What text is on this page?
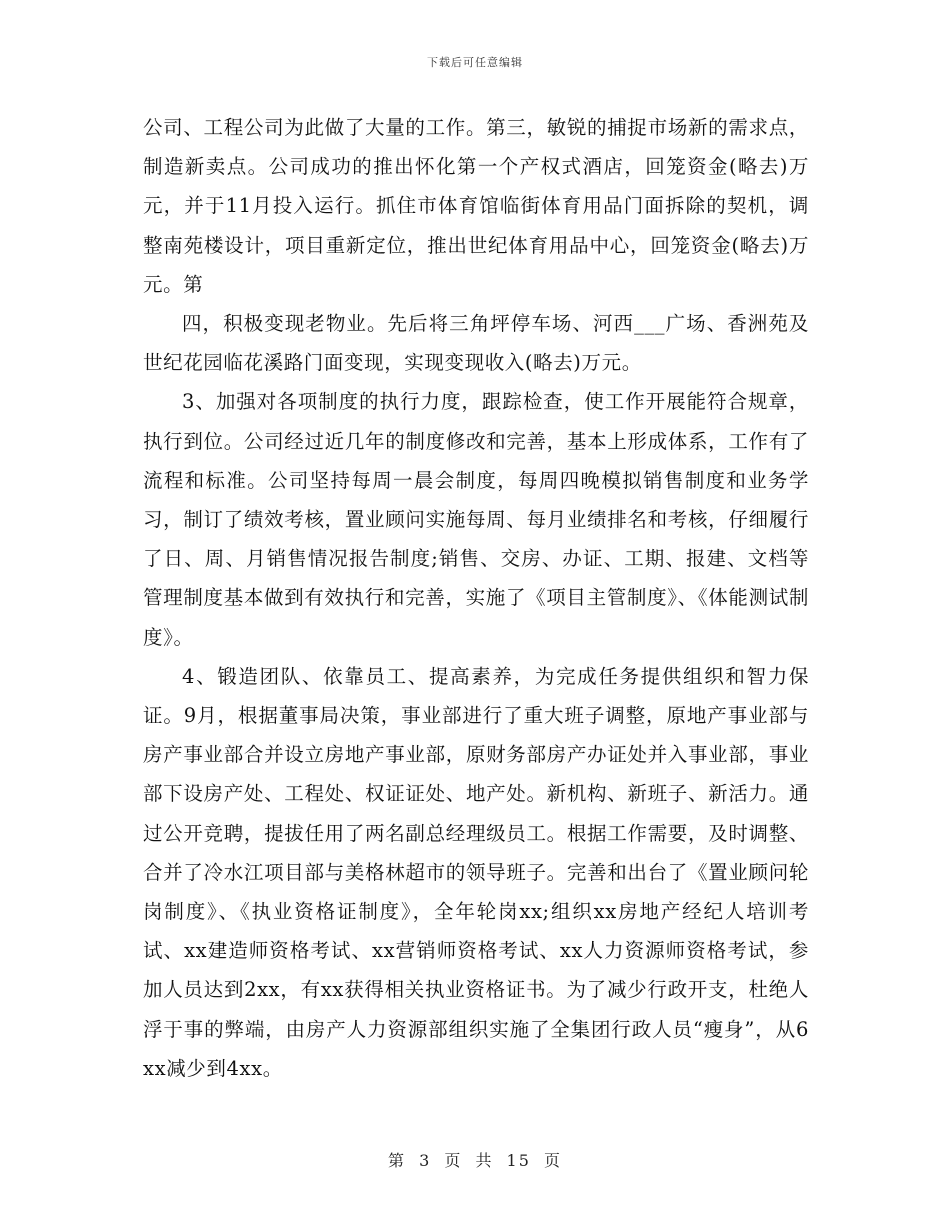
下载后可任意编辑

公司、工程公司为此做了大量的工作。第三，敏锐的捕捉市场新的需求点，制造新卖点。公司成功的推出怀化第一个产权式酒店，回笼资金(略去)万元，并于11月投入运行。抓住市体育馆临街体育用品门面拆除的契机，调整南苑楼设计，项目重新定位，推出世纪体育用品中心，回笼资金(略去)万元。第

四，积极变现老物业。先后将三角坪停车场、河西___广场、香洲苑及世纪花园临花溪路门面变现，实现变现收入(略去)万元。

3、加强对各项制度的执行力度，跟踪检查，使工作开展能符合规章，执行到位。公司经过近几年的制度修改和完善，基本上形成体系，工作有了流程和标准。公司坚持每周一晨会制度，每周四晚模拟销售制度和业务学习，制订了绩效考核，置业顾问实施每周、每月业绩排名和考核，仔细履行了日、周、月销售情况报告制度;销售、交房、办证、工期、报建、文档等管理制度基本做到有效执行和完善，实施了《项目主管制度》、《体能测试制度》。

4、锻造团队、依靠员工、提高素养，为完成任务提供组织和智力保证。9月，根据董事局决策，事业部进行了重大班子调整，原地产事业部与房产事业部合并设立房地产事业部，原财务部房产办证处并入事业部，事业部下设房产处、工程处、权证证处、地产处。新机构、新班子、新活力。通过公开竞聘，提拔任用了两名副总经理级员工。根据工作需要，及时调整、合并了冷水江项目部与美格林超市的领导班子。完善和出台了《置业顾问轮岗制度》、《执业资格证制度》，全年轮岗xx;组织xx房地产经纪人培训考试、xx建造师资格考试、xx营销师资格考试、xx人力资源师资格考试，参加人员达到2xx，有xx获得相关执业资格证书。为了减少行政开支，杜绝人浮于事的弊端，由房产人力资源部组织实施了全集团行政人员“瘦身”，从6xx减少到4xx。

第 3 页 共 15 页
